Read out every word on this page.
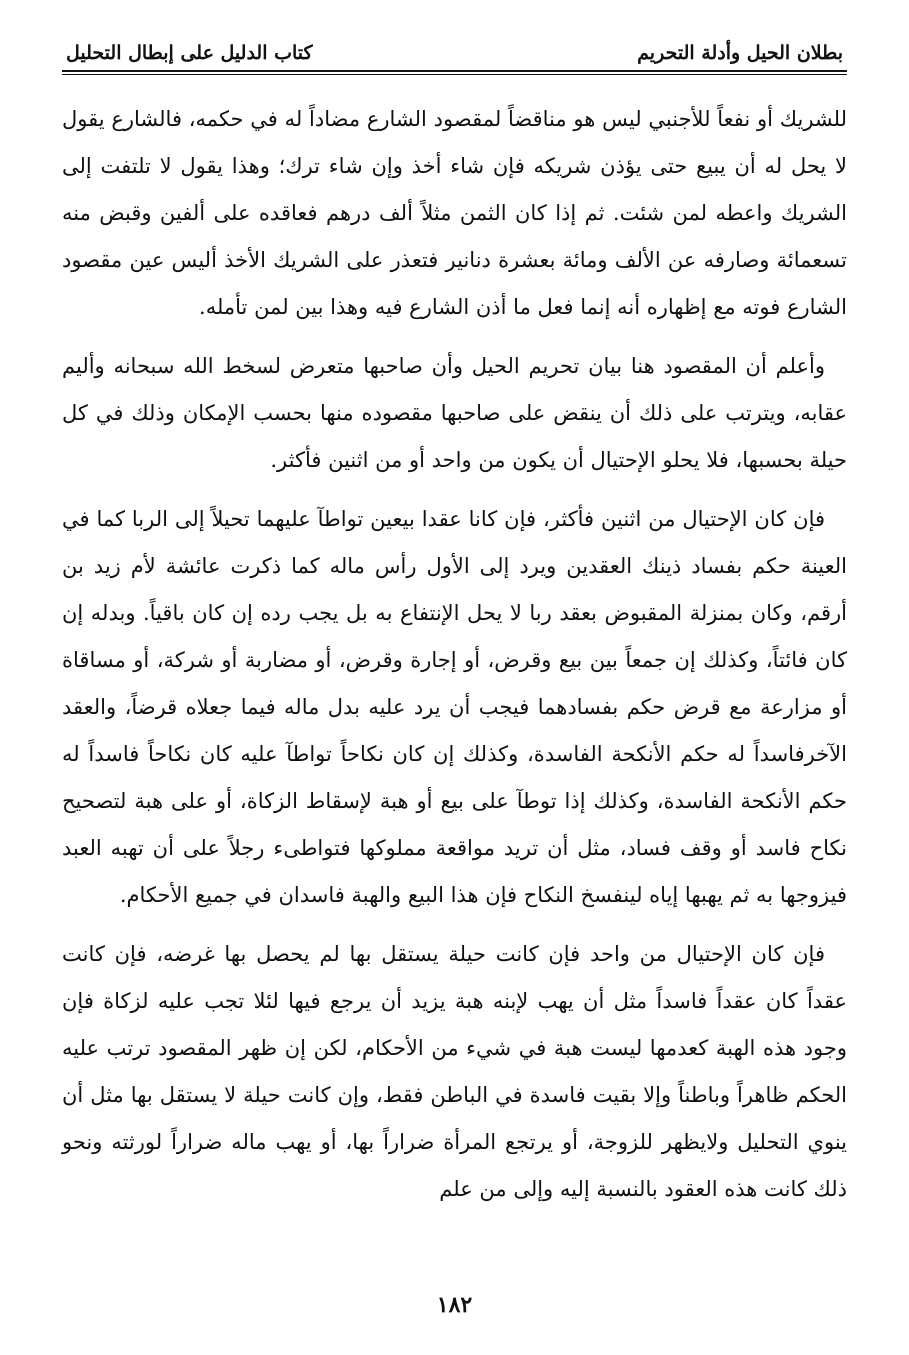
بطلان الحيل وأدلة التحريم
كتاب الدليل على إبطال التحليل

للشريك أو نفعاً للأجنبي ليس هو مناقضاً لمقصود الشارع مضاداً له في حكمه، فالشارع يقول لا يحل له أن يبيع حتى يؤذن شريكه فإن شاء أخذ وإن شاء ترك؛ وهذا يقول لا تلتفت إلى الشريك واعطه لمن شئت. ثم إذا كان الثمن مثلاً ألف درهم فعاقده على ألفين وقبض منه تسعمائة وصارفه عن الألف ومائة بعشرة دنانير فتعذر على الشريك الأخذ أليس عين مقصود الشارع فوته مع إظهاره أنه إنما فعل ما أذن الشارع فيه وهذا بين لمن تأمله.

وأعلم أن المقصود هنا بيان تحريم الحيل وأن صاحبها متعرض لسخط الله سبحانه وأليم عقابه، ويترتب على ذلك أن ينقض على صاحبها مقصوده منها بحسب الإمكان وذلك في كل حيلة بحسبها، فلا يحلو الإحتيال أن يكون من واحد أو من اثنين فأكثر.

فإن كان الإحتيال من اثنين فأكثر، فإن كانا عقدا بيعين تواطآ عليهما تحيلاً إلى الربا كما في العينة حكم بفساد ذينك العقدين ويرد إلى الأول رأس ماله كما ذكرت عائشة لأم زيد بن أرقم، وكان بمنزلة المقبوض بعقد ربا لا يحل الإنتفاع به بل يجب رده إن كان باقياً. وبدله إن كان فائتاً، وكذلك إن جمعاً بين بيع وقرض، أو إجارة وقرض، أو مضاربة أو شركة، أو مساقاة أو مزارعة مع قرض حكم بفسادهما فيجب أن يرد عليه بدل ماله فيما جعلاه قرضاً، والعقد الآخرفاسداً له حكم الأنكحة الفاسدة، وكذلك إن كان نكاحاً تواطآ عليه كان نكاحاً فاسداً له حكم الأنكحة الفاسدة، وكذلك إذا توطآ على بيع أو هبة لإسقاط الزكاة، أو على هبة لتصحيح نكاح فاسد أو وقف فساد، مثل أن تريد مواقعة مملوكها فتواطىء رجلاً على أن تهبه العبد فيزوجها به ثم يهبها إياه لينفسخ النكاح فإن هذا البيع والهبة فاسدان في جميع الأحكام.

فإن كان الإحتيال من واحد فإن كانت حيلة يستقل بها لم يحصل بها غرضه، فإن كانت عقداً كان عقداً فاسداً مثل أن يهب لإبنه هبة يزيد أن يرجع فيها لئلا تجب عليه لزكاة فإن وجود هذه الهبة كعدمها ليست هبة في شيء من الأحكام، لكن إن ظهر المقصود ترتب عليه الحكم ظاهراً وباطناً وإلا بقيت فاسدة في الباطن فقط، وإن كانت حيلة لا يستقل بها مثل أن ينوي التحليل ولايظهر للزوجة، أو يرتجع المرأة ضراراً بها، أو يهب ماله ضراراً لورثته ونحو ذلك كانت هذه العقود بالنسبة إليه وإلى من علم

١٨٢
